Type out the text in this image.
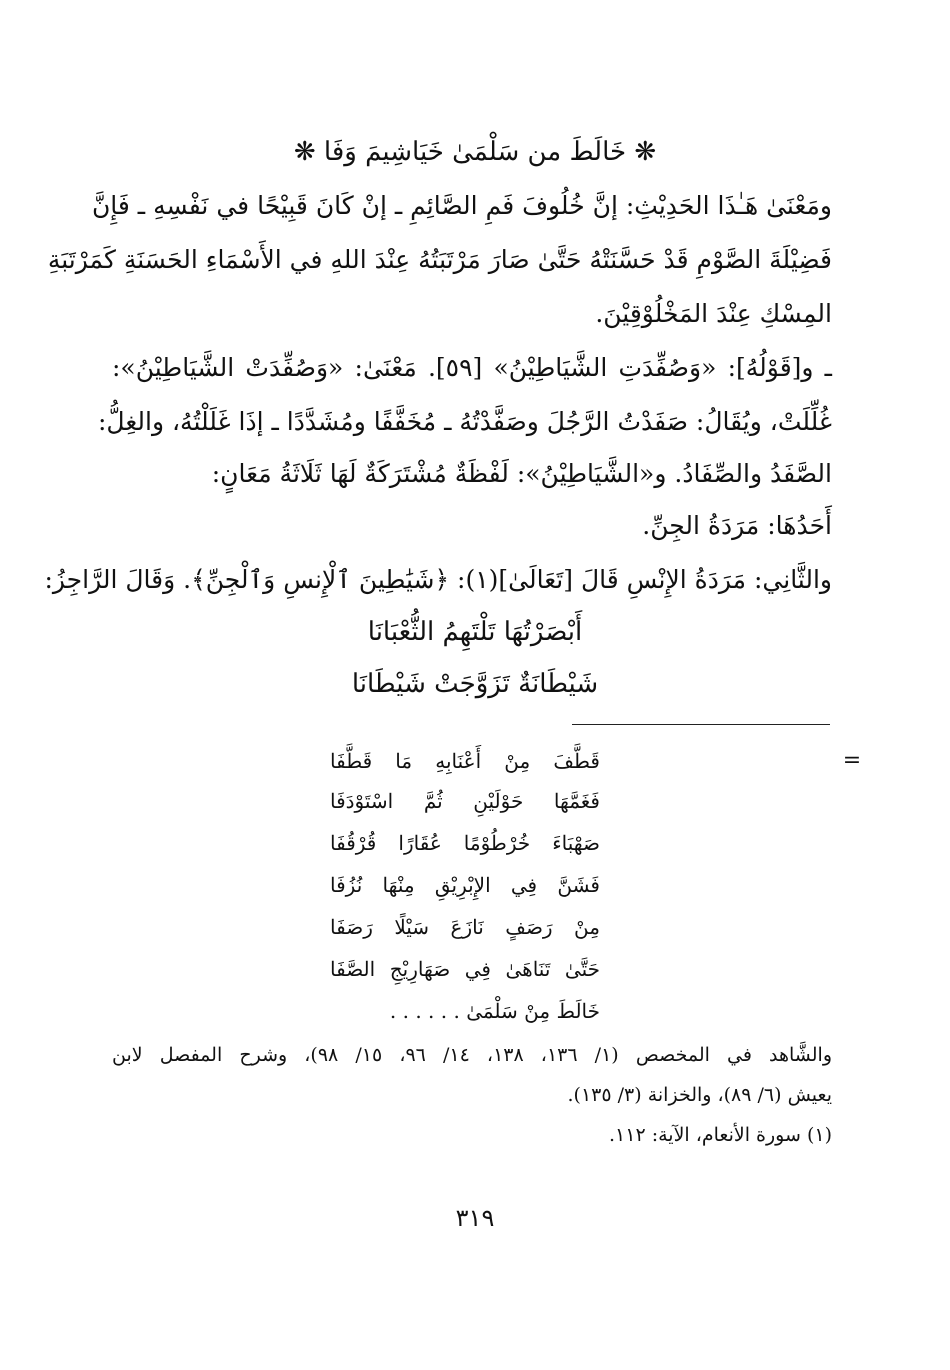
❋ خَالَطَ من سَلْمَىٰ خَيَاشِيمَ وَفَا ❋
ومَعْنَىٰ هَـٰذَا الحَدِيْثِ: إنَّ خُلُوفَ فَمِ الصَّائِمِ ـ إنْ كَانَ قَبِيْحًا في نَفْسِهِ ـ فَإِنَّ
فَضِيْلَةَ الصَّوْمِ قَدْ حَسَّنَتْهُ حَتَّىٰ صَارَ مَرْتَبَتُهُ عِنْدَ اللهِ في الأَسْمَاءِ الحَسَنَةِ كَمَرْتَبَةِ
المِسْكِ عِنْدَ المَخْلُوْقِيْنَ.
ـ و[قَوْلُهُ]: «وَصُفِّدَتِ الشَّيَاطِيْنُ» [٥٩]. مَعْنَىٰ: «وَصُفِّدَتْ الشَّيَاطِيْنُ»:
غُلِّلَتْ، ويُقَالُ: صَفَدْتُ الرَّجُلَ وصَفَّدْتُهُ ـ مُخَفَّفًا ومُشَدَّدًا ـ إذَا غَلَلْتُهُ، والغِلُّ:
الصَّفَدُ والصِّفَادُ. و«الشَّيَاطِيْنُ»: لَفْظَةٌ مُشْتَرَكَةٌ لَهَا ثَلَاثَةُ مَعَانٍ:
أَحَدُهَا: مَرَدَةُ الجِنِّ.
والثَّانِي: مَرَدَةُ الإِنْسِ قَالَ [تَعَالَىٰ](١): ﴿شَيَٰطِينَ ٱلْإِنسِ وَٱلْجِنِّ﴾. وَقَالَ الرَّاجِزُ:
أَبْصَرْتُهَا تَلْتَهِمُ الثُّعْبَانَا
شَيْطَانَةٌ تَزَوَّجَتْ شَيْطَانَا
=
قَطَّفَ مِنْ أَعْنَابِهِ مَا قَطَّفَا
فَغَمَّهَا حَوْلَيْنِ ثُمَّ اسْتَوْدَفَا
صَهْبَاءَ خُرْطُوْمًا عُقَارًا قُرْقُفَا
فَشَنَّ فِي الإِبْرِيْقِ مِنْهَا نُزُفَا
مِنْ رَصَفٍ نَازَعَ سَيْلًا رَصَفَا
حَتَّىٰ تَنَاهَىٰ فِي صَهَارِيْجِ الصَّفَا
خَالَطَ مِنْ سَلْمَىٰ . . . . . .
والشَّاهد في المخصص (١/ ١٣٦، ١٣٨، ١٤/ ٩٦، ١٥/ ٩٨)، وشرح المفصل لابن
يعيش (٦/ ٨٩)، والخزانة (٣/ ١٣٥).
(١) سورة الأنعام، الآية: ١١٢.
٣١٩
